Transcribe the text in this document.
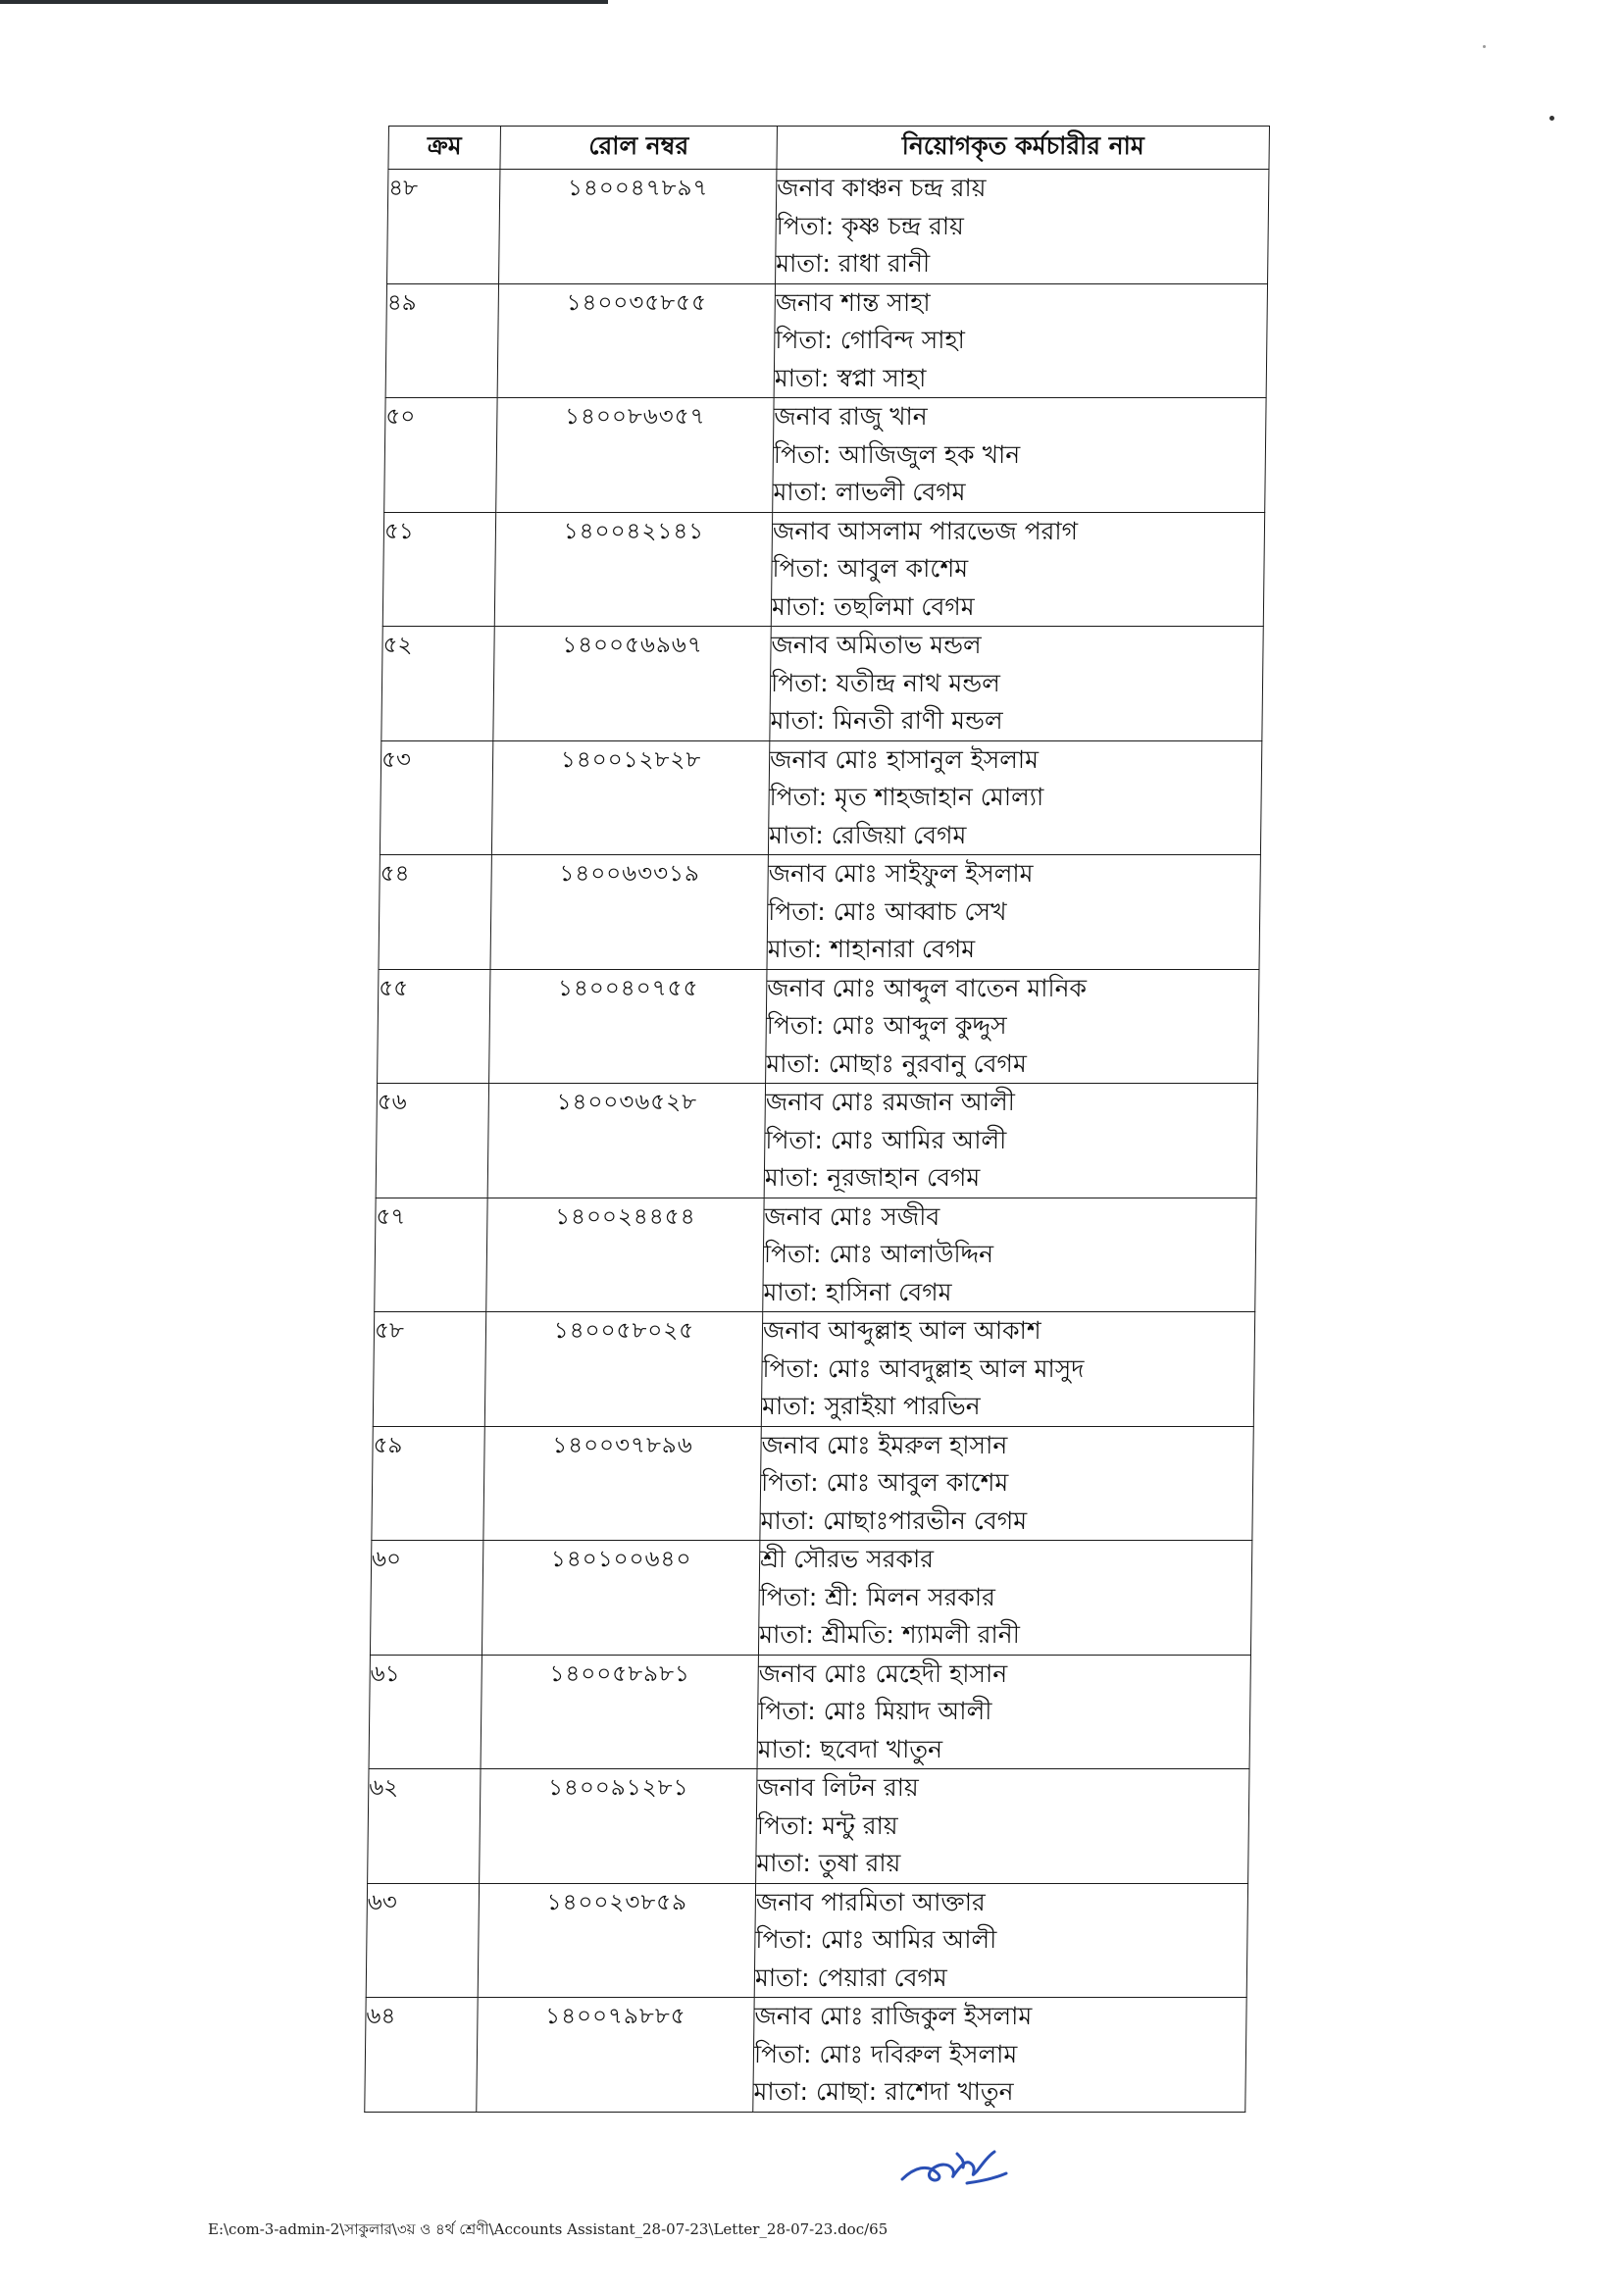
ক্রম	রোল নম্বর	নিয়োগকৃত কর্মচারীর নাম
৪৮	১৪০০৪৭৮৯৭	জনাব কাঞ্চন চন্দ্র রায়
পিতা: কৃষ্ণ চন্দ্র রায়
মাতা: রাধা রানী

৪৯	১৪০০৩৫৮৫৫	জনাব শান্ত সাহা
পিতা: গোবিন্দ সাহা
মাতা: স্বপ্না সাহা

৫০	১৪০০৮৬৩৫৭	জনাব রাজু খান
পিতা: আজিজুল হক খান
মাতা: লাভলী বেগম

৫১	১৪০০৪২১৪১	জনাব আসলাম পারভেজ পরাগ
পিতা: আবুল কাশেম
মাতা: তছলিমা বেগম

৫২	১৪০০৫৬৯৬৭	জনাব অমিতাভ মন্ডল
পিতা: যতীন্দ্র নাথ মন্ডল
মাতা: মিনতী রাণী মন্ডল

৫৩	১৪০০১২৮২৮	জনাব মোঃ হাসানুল ইসলাম
পিতা: মৃত শাহজাহান মোল্যা
মাতা: রেজিয়া বেগম

৫৪	১৪০০৬৩৩১৯	জনাব মোঃ সাইফুল ইসলাম
পিতা: মোঃ আব্বাচ সেখ
মাতা: শাহানারা বেগম

৫৫	১৪০০৪০৭৫৫	জনাব মোঃ আব্দুল বাতেন মানিক
পিতা: মোঃ আব্দুল কুদ্দুস
মাতা: মোছাঃ নুরবানু বেগম

৫৬	১৪০০৩৬৫২৮	জনাব মোঃ রমজান আলী
পিতা: মোঃ আমির আলী
মাতা: নূরজাহান বেগম

৫৭	১৪০০২৪৪৫৪	জনাব মোঃ সজীব
পিতা: মোঃ আলাউদ্দিন
মাতা: হাসিনা বেগম

৫৮	১৪০০৫৮০২৫	জনাব আব্দুল্লাহ আল আকাশ
পিতা: মোঃ আবদুল্লাহ আল মাসুদ
মাতা: সুরাইয়া পারভিন

৫৯	১৪০০৩৭৮৯৬	জনাব মোঃ ইমরুল হাসান
পিতা: মোঃ আবুল কাশেম
মাতা: মোছাঃপারভীন বেগম

৬০	১৪০১০০৬৪০	শ্রী সৌরভ সরকার
পিতা: শ্রী: মিলন সরকার
মাতা: শ্রীমতি: শ্যামলী রানী

৬১	১৪০০৫৮৯৮১	জনাব মোঃ মেহেদী হাসান
পিতা: মোঃ মিয়াদ আলী
মাতা: ছবেদা খাতুন

৬২	১৪০০৯১২৮১	জনাব লিটন রায়
পিতা: মন্টু রায়
মাতা: তুষা রায়

৬৩	১৪০০২৩৮৫৯	জনাব পারমিতা আক্তার
পিতা: মোঃ আমির আলী
মাতা: পেয়ারা বেগম

৬৪	১৪০০৭৯৮৮৫	জনাব মোঃ রাজিকুল ইসলাম
পিতা: মোঃ দবিরুল ইসলাম
মাতা: মোছা: রাশেদা খাতুন
E:\com-3-admin-2\সাকুলার\৩য় ও ৪র্থ শ্রেণী\Accounts Assistant_28-07-23\Letter_28-07-23.doc/65
